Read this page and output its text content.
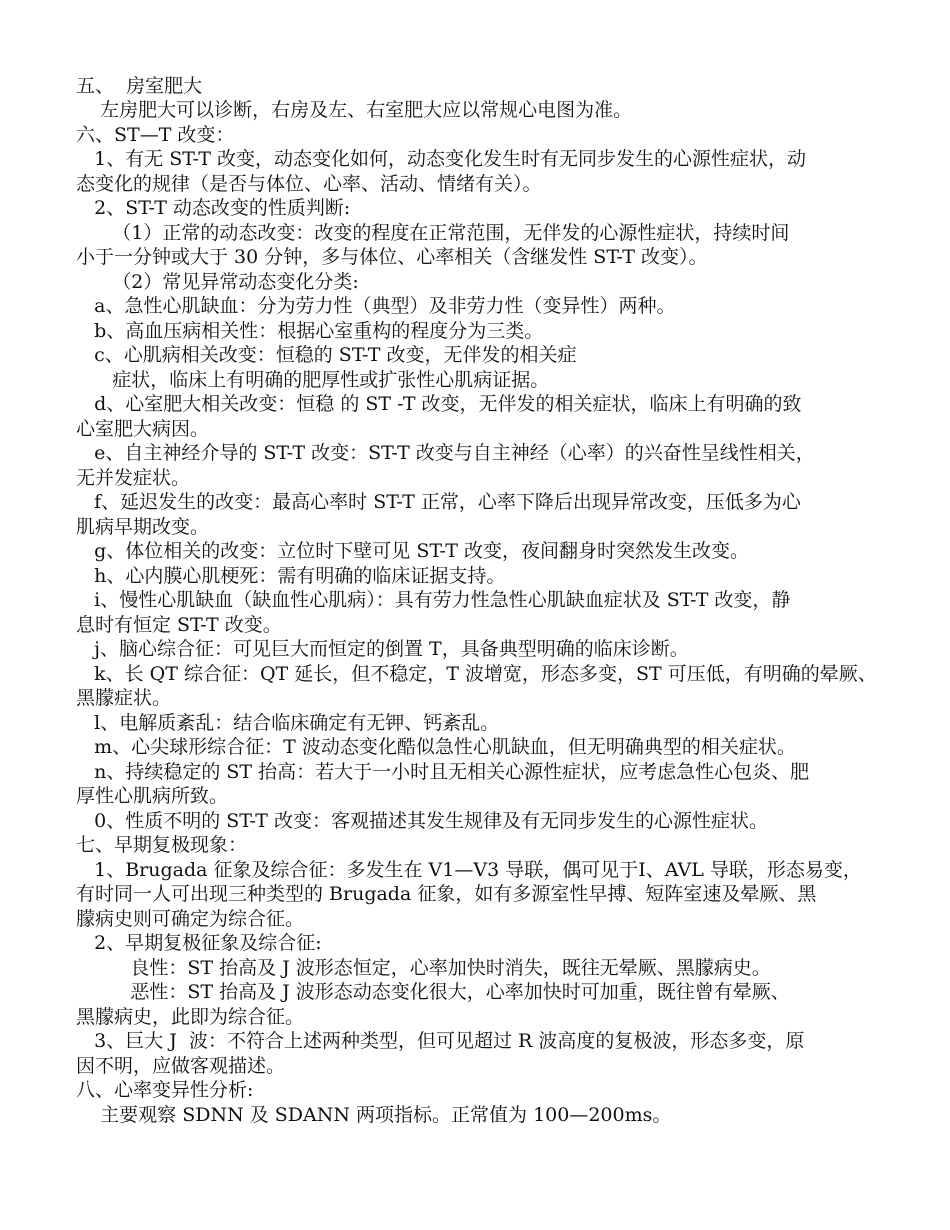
五、  房室肥大
左房肥大可以诊断，右房及左、右室肥大应以常规心电图为准。
六、ST—T 改变：
1、有无 ST-T 改变，动态变化如何，动态变化发生时有无同步发生的心源性症状，动
态变化的规律（是否与体位、心率、活动、情绪有关）。
2、ST-T 动态改变的性质判断:
（1）正常的动态改变：改变的程度在正常范围，无伴发的心源性症状，持续时间
小于一分钟或大于 30 分钟，多与体位、心率相关（含继发性 ST-T 改变）。
（2）常见异常动态变化分类:
a、急性心肌缺血：分为劳力性（典型）及非劳力性（变异性）两种。
b、高血压病相关性：根据心室重构的程度分为三类。
c、心肌病相关改变：恒稳的 ST-T 改变，无伴发的相关症
症状，临床上有明确的肥厚性或扩张性心肌病证据。
d、心室肥大相关改变：恒稳 的 ST -T 改变，无伴发的相关症状，临床上有明确的致
心室肥大病因。
e、自主神经介导的 ST-T 改变：ST-T 改变与自主神经（心率）的兴奋性呈线性相关，
无并发症状。
f、延迟发生的改变：最高心率时 ST-T 正常，心率下降后出现异常改变，压低多为心
肌病早期改变。
g、体位相关的改变：立位时下壁可见 ST-T 改变，夜间翻身时突然发生改变。
h、心内膜心肌梗死：需有明确的临床证据支持。
i、慢性心肌缺血（缺血性心肌病）：具有劳力性急性心肌缺血症状及 ST-T 改变，静
息时有恒定 ST-T 改变。
j、脑心综合征：可见巨大而恒定的倒置 T，具备典型明确的临床诊断。
k、长 QT 综合征：QT 延长，但不稳定，T 波增宽，形态多变，ST 可压低，有明确的晕厥、
黑朦症状。
l、电解质紊乱：结合临床确定有无钾、钙紊乱。
m、心尖球形综合征：T 波动态变化酷似急性心肌缺血，但无明确典型的相关症状。
n、持续稳定的 ST 抬高：若大于一小时且无相关心源性症状，应考虑急性心包炎、肥
厚性心肌病所致。
0、性质不明的 ST-T 改变：客观描述其发生规律及有无同步发生的心源性症状。
七、早期复极现象：
1、Brugada 征象及综合征：多发生在 V1—V3 导联，偶可见于Ⅰ、AVL 导联，形态易变，
有时同一人可出现三种类型的 Brugada 征象，如有多源室性早搏、短阵室速及晕厥、黑
朦病史则可确定为综合征。
2、早期复极征象及综合征:
良性：ST 抬高及 J 波形态恒定，心率加快时消失，既往无晕厥、黑朦病史。
恶性：ST 抬高及 J 波形态动态变化很大，心率加快时可加重，既往曾有晕厥、
黑朦病史，此即为综合征。
3、巨大 J  波：不符合上述两种类型，但可见超过 R 波高度的复极波，形态多变，原
因不明，应做客观描述。
八、心率变异性分析:
主要观察 SDNN 及 SDANN 两项指标。正常值为 100—200ms。
